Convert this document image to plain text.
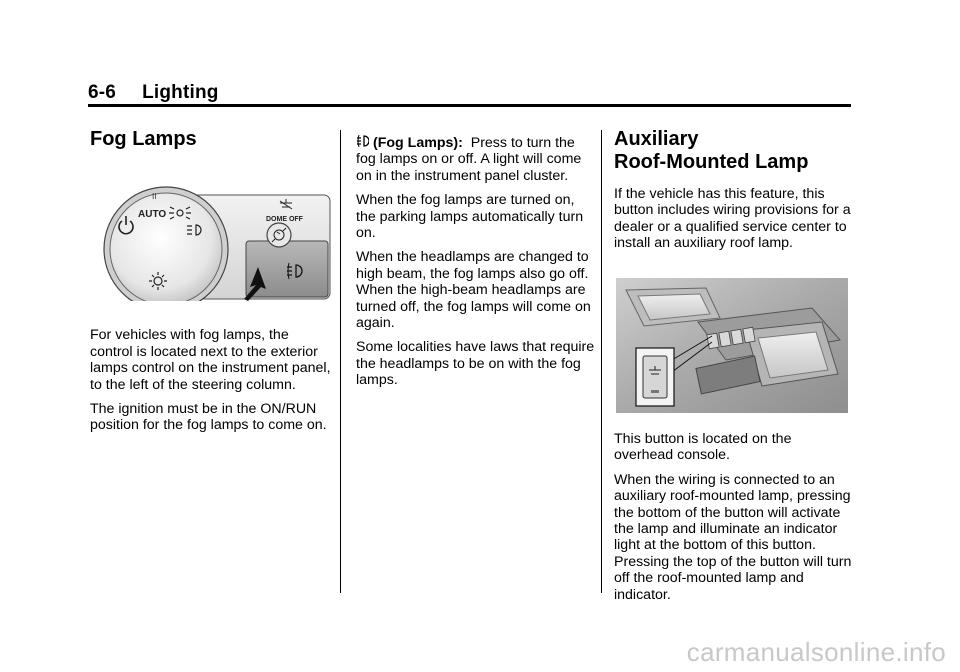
6-6 Lighting
Fog Lamps
II
AUTO	DOME OFF

For vehicles with fog lamps, the control is located next to the exterior lamps control on the instrument panel, to the left of the steering column.

The ignition must be in the ON/RUN position for the fog lamps to come on.

(Fog Lamps): Press to turn the fog lamps on or off. A light will come on in the instrument panel cluster.

When the fog lamps are turned on, the parking lamps automatically turn on.

When the headlamps are changed to high beam, the fog lamps also go off. When the high-beam headlamps are turned off, the fog lamps will come on again.

Some localities have laws that require the headlamps to be on with the fog lamps.

Auxiliary
Roof-Mounted Lamp

If the vehicle has this feature, this button includes wiring provisions for a dealer or a qualified service center to install an auxiliary roof lamp.

This button is located on the overhead console.

When the wiring is connected to an auxiliary roof-mounted lamp, pressing the bottom of the button will activate the lamp and illuminate an indicator light at the bottom of this button. Pressing the top of the button will turn off the roof-mounted lamp and indicator.

carmanualsonline.info
